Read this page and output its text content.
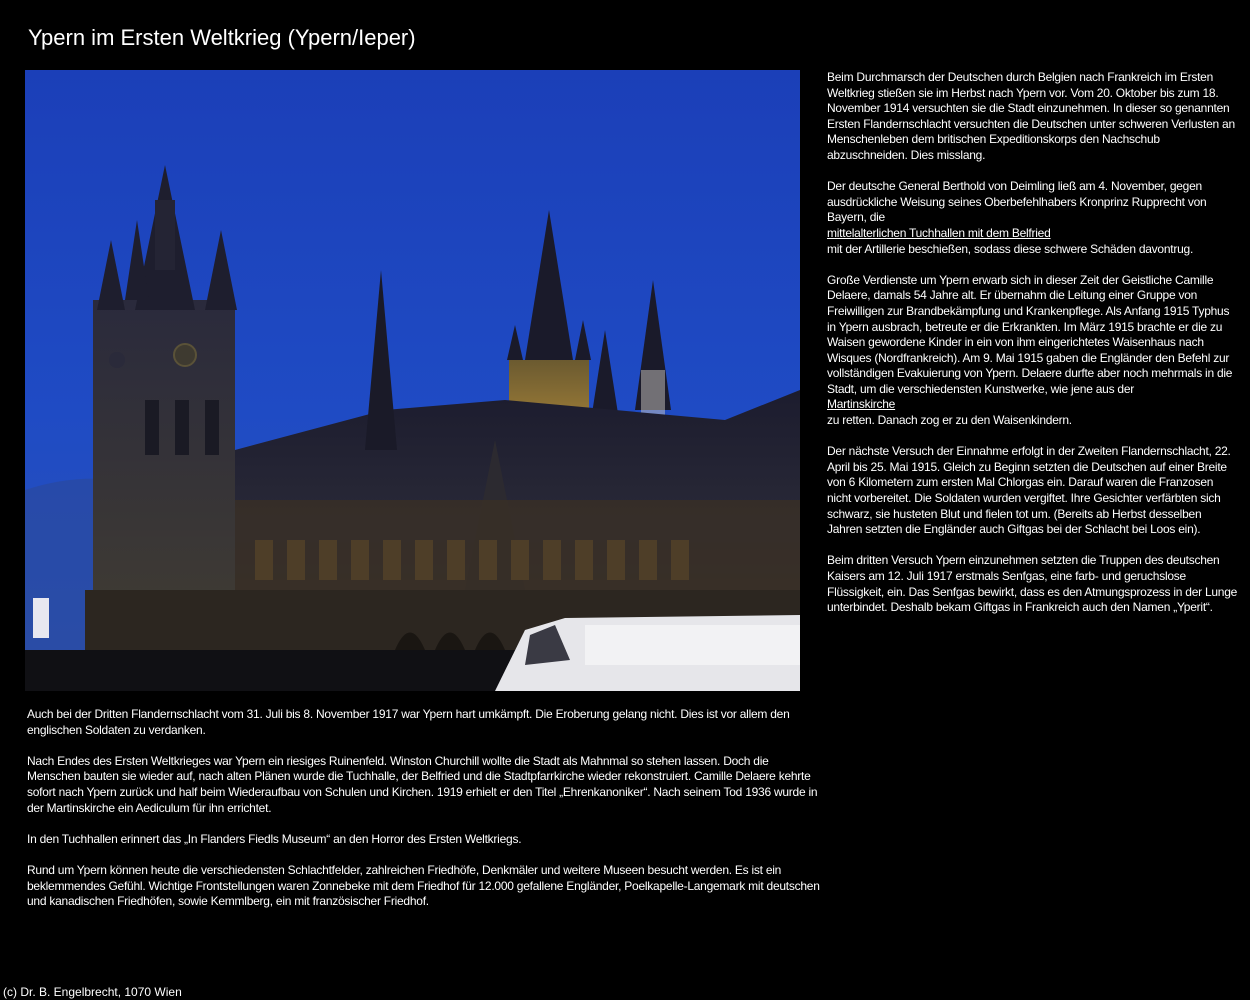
Ypern im Ersten Weltkrieg (Ypern/Ieper)

Beim Durchmarsch der Deutschen durch Belgien nach Frankreich im Ersten Weltkrieg stießen sie im Herbst nach Ypern vor. Vom 20. Oktober bis zum 18. November 1914 versuchten sie die Stadt einzunehmen. In dieser so genannten Ersten Flandernschlacht versuchten die Deutschen unter schweren Verlusten an Menschenleben dem britischen Expeditionskorps den Nachschub abzuschneiden. Dies misslang.

Der deutsche General Berthold von Deimling ließ am 4. November, gegen ausdrückliche Weisung seines Oberbefehlhabers Kronprinz Rupprecht von Bayern, die
mittelalterlichen Tuchhallen mit dem Belfried
mit der Artillerie beschießen, sodass diese schwere Schäden davontrug.

Große Verdienste um Ypern erwarb sich in dieser Zeit der Geistliche Camille Delaere, damals 54 Jahre alt. Er übernahm die Leitung einer Gruppe von Freiwilligen zur Brandbekämpfung und Krankenpflege. Als Anfang 1915 Typhus in Ypern ausbrach, betreute er die Erkrankten. Im März 1915 brachte er die zu Waisen gewordene Kinder in ein von ihm eingerichtetes Waisenhaus nach Wisques (Nordfrankreich). Am 9. Mai 1915 gaben die Engländer den Befehl zur vollständigen Evakuierung von Ypern. Delaere durfte aber noch mehrmals in die Stadt, um die verschiedensten Kunstwerke, wie jene aus der
Martinskirche
zu retten. Danach zog er zu den Waisenkindern.

Der nächste Versuch der Einnahme erfolgt in der Zweiten Flandernschlacht, 22. April bis 25. Mai 1915. Gleich zu Beginn setzten die Deutschen auf einer Breite von 6 Kilometern zum ersten Mal Chlorgas ein. Darauf waren die Franzosen nicht vorbereitet. Die Soldaten wurden vergiftet. Ihre Gesichter verfärbten sich schwarz, sie husteten Blut und fielen tot um. (Bereits ab Herbst desselben Jahren setzten die Engländer auch Giftgas bei der Schlacht bei Loos ein).

Beim dritten Versuch Ypern einzunehmen setzten die Truppen des deutschen Kaisers am 12. Juli 1917 erstmals Senfgas, eine farb- und geruchslose Flüssigkeit, ein. Das Senfgas bewirkt, dass es den Atmungsprozess in der Lunge unterbindet. Deshalb bekam Giftgas in Frankreich auch den Namen „Yperit“.

Auch bei der Dritten Flandernschlacht vom 31. Juli bis 8. November 1917 war Ypern hart umkämpft. Die Eroberung gelang nicht. Dies ist vor allem den englischen Soldaten zu verdanken.

Nach Endes des Ersten Weltkrieges war Ypern ein riesiges Ruinenfeld. Winston Churchill wollte die Stadt als Mahnmal so stehen lassen. Doch die Menschen bauten sie wieder auf, nach alten Plänen wurde die Tuchhalle, der Belfried und die Stadtpfarrkirche wieder rekonstruiert. Camille Delaere kehrte sofort nach Ypern zurück und half beim Wiederaufbau von Schulen und Kirchen. 1919 erhielt er den Titel „Ehrenkanoniker“. Nach seinem Tod 1936 wurde in der Martinskirche ein Aediculum für ihn errichtet.

In den Tuchhallen erinnert das „In Flanders Fiedls Museum“ an den Horror des Ersten Weltkriegs.

Rund um Ypern können heute die verschiedensten Schlachtfelder, zahlreichen Friedhöfe, Denkmäler und weitere Museen besucht werden. Es ist ein beklemmendes Gefühl. Wichtige Frontstellungen waren Zonnebeke mit dem Friedhof für 12.000 gefallene Engländer, Poelkapelle-Langemark mit deutschen und kanadischen Friedhöfen, sowie Kemmlberg, ein mit französischer Friedhof.

(c) Dr. B. Engelbrecht, 1070 Wien
